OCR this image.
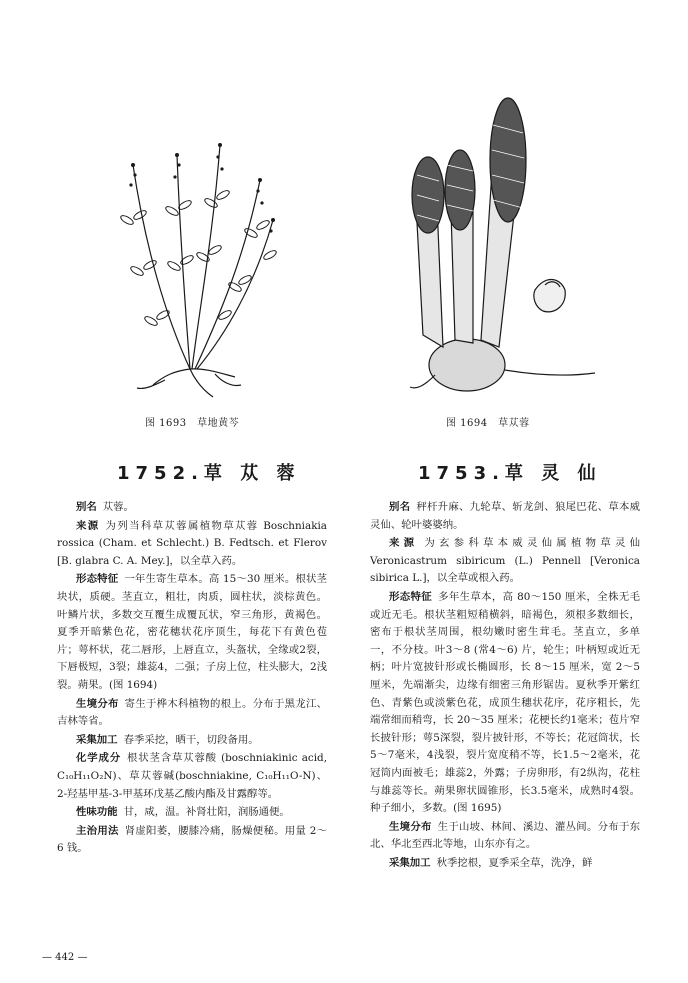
图 1693　草地黄芩	图 1694　草苁蓉
1752.草 苁 蓉	1753.草 灵 仙

别名 苁蓉。

来源 为列当科草苁蓉属植物草苁蓉 Boschniakia rossica (Cham. et Schlecht.) B. Fedtsch. et Flerov [B. glabra C. A. Mey.]，以全草入药。

形态特征 一年生寄生草本。高 15～30 厘米。根状茎块状，质硬。茎直立，粗壮，肉质，圆柱状，淡棕黄色。叶鳞片状，多数交互覆生成覆瓦状，窄三角形，黄褐色。夏季开暗紫色花，密花穗状花序顶生，每花下有黄色苞片；萼杯状，花二唇形，上唇直立，头盔状，全缘或2裂，下唇极短，3裂；雄蕊4，二强；子房上位，柱头膨大，2浅裂。蒴果。(图 1694)

生境分布 寄生于桦木科植物的根上。分布于黑龙江、吉林等省。

采集加工 春季采挖，晒干，切段备用。

化学成分 根状茎含草苁蓉酸 (boschniakinic acid, C₁₀H₁₁O₂N)、草苁蓉碱(boschniakine, C₁₀H₁₁O-N)、2-羟基甲基-3-甲基环戊基乙酸内酯及甘露醇等。

性味功能 甘，咸，温。补肾壮阳，润肠通便。

主治用法 肾虚阳萎，腰膝冷痛，肠燥便秘。用量 2～6 钱。

别名 秤杆升麻、九轮草、斩龙剑、狼尾巴花、草本威灵仙、轮叶婆婆纳。

来源 为玄参科草本威灵仙属植物草灵仙 Veronicastrum sibiricum (L.) Pennell [Veronica sibirica L.]，以全草或根入药。

形态特征 多年生草本，高 80～150 厘米，全株无毛或近无毛。根状茎粗短稍横斜，暗褐色，须根多数细长，密布于根状茎周围，根幼嫩时密生茸毛。茎直立，多单一，不分枝。叶3～8 (常4～6) 片，轮生；叶柄短或近无柄；叶片宽披针形或长椭圆形，长 8～15 厘米，宽 2～5 厘米，先端渐尖，边缘有细密三角形锯齿。夏秋季开紫红色、青紫色或淡紫色花，成顶生穗状花序，花序粗长，先端常细而稍弯，长 20～35 厘米；花梗长约1毫米；苞片窄长披针形；萼5深裂，裂片披针形，不等长；花冠筒状，长5～7毫米，4浅裂，裂片宽度稍不等，长1.5～2毫米，花冠筒内面被毛；雄蕊2，外露；子房卵形，有2纵沟，花柱与雄蕊等长。蒴果卵状圆锥形，长3.5毫米，成熟时4裂。种子细小，多数。(图 1695)

生境分布 生于山坡、林间、溪边、灌丛间。分布于东北、华北至西北等地，山东亦有之。

采集加工 秋季挖根，夏季采全草，洗净，鲜

— 442 —
